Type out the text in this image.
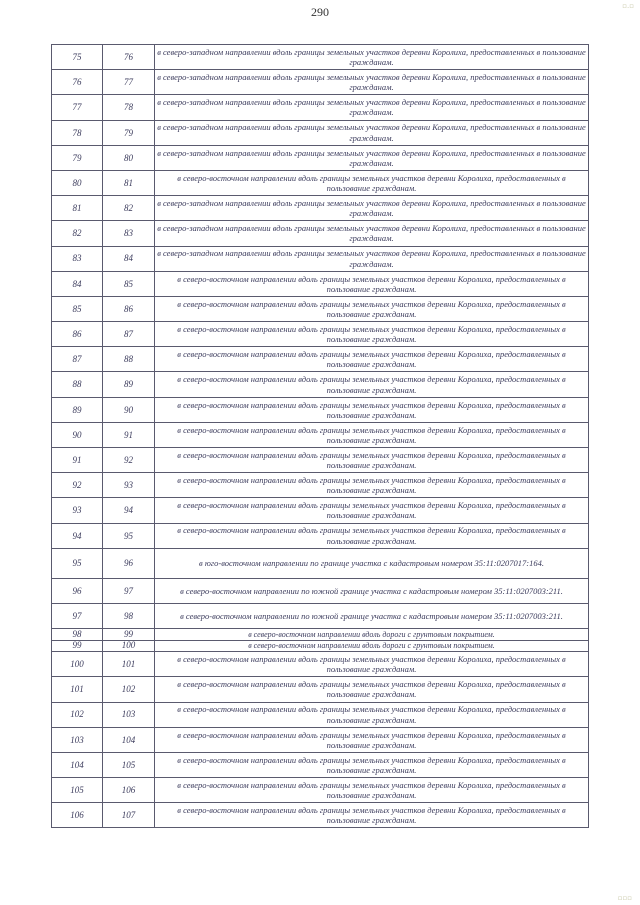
290	▫.▫
▫▫▫
75	76	в северо-западном направлении вдоль границы земельных участков деревни Королиха, предоставленных в пользование гражданам.
76	77	в северо-западном направлении вдоль границы земельных участков деревни Королиха, предоставленных в пользование гражданам.
77	78	в северо-западном направлении вдоль границы земельных участков деревни Королиха, предоставленных в пользование гражданам.
78	79	в северо-западном направлении вдоль границы земельных участков деревни Королиха, предоставленных в пользование гражданам.
79	80	в северо-западном направлении вдоль границы земельных участков деревни Королиха, предоставленных в пользование гражданам.
80	81	в северо-восточном направлении вдоль границы земельных участков деревни Королиха, предоставленных в пользование гражданам.
81	82	в северо-западном направлении вдоль границы земельных участков деревни Королиха, предоставленных в пользование гражданам.
82	83	в северо-западном направлении вдоль границы земельных участков деревни Королиха, предоставленных в пользование гражданам.
83	84	в северо-западном направлении вдоль границы земельных участков деревни Королиха, предоставленных в пользование гражданам.
84	85	в северо-восточном направлении вдоль границы земельных участков деревни Королиха, предоставленных в пользование гражданам.
85	86	в северо-восточном направлении вдоль границы земельных участков деревни Королиха, предоставленных в пользование гражданам.
86	87	в северо-восточном направлении вдоль границы земельных участков деревни Королиха, предоставленных в пользование гражданам.
87	88	в северо-восточном направлении вдоль границы земельных участков деревни Королиха, предоставленных в пользование гражданам.
88	89	в северо-восточном направлении вдоль границы земельных участков деревни Королиха, предоставленных в пользование гражданам.
89	90	в северо-восточном направлении вдоль границы земельных участков деревни Королиха, предоставленных в пользование гражданам.
90	91	в северо-восточном направлении вдоль границы земельных участков деревни Королиха, предоставленных в пользование гражданам.
91	92	в северо-восточном направлении вдоль границы земельных участков деревни Королиха, предоставленных в пользование гражданам.
92	93	в северо-восточном направлении вдоль границы земельных участков деревни Королиха, предоставленных в пользование гражданам.
93	94	в северо-восточном направлении вдоль границы земельных участков деревни Королиха, предоставленных в пользование гражданам.
94	95	в северо-восточном направлении вдоль границы земельных участков деревни Королиха, предоставленных в пользование гражданам.
95	96	в юго-восточном направлении по границе участка с кадастровым номером 35:11:0207017:164.
96	97	в северо-восточном направлении по южной границе участка с кадастровым номером 35:11:0207003:211.
97	98	в северо-восточном направлении по южной границе участка с кадастровым номером 35:11:0207003:211.
98	99	в северо-восточном направлении вдоль дороги с грунтовым покрытием.
99	100	в северо-восточном направлении вдоль дороги с грунтовым покрытием.
100	101	в северо-восточном направлении вдоль границы земельных участков деревни Королиха, предоставленных в пользование гражданам.
101	102	в северо-восточном направлении вдоль границы земельных участков деревни Королиха, предоставленных в пользование гражданам.
102	103	в северо-восточном направлении вдоль границы земельных участков деревни Королиха, предоставленных в пользование гражданам.
103	104	в северо-восточном направлении вдоль границы земельных участков деревни Королиха, предоставленных в пользование гражданам.
104	105	в северо-восточном направлении вдоль границы земельных участков деревни Королиха, предоставленных в пользование гражданам.
105	106	в северо-восточном направлении вдоль границы земельных участков деревни Королиха, предоставленных в пользование гражданам.
106	107	в северо-восточном направлении вдоль границы земельных участков деревни Королиха, предоставленных в пользование гражданам.
